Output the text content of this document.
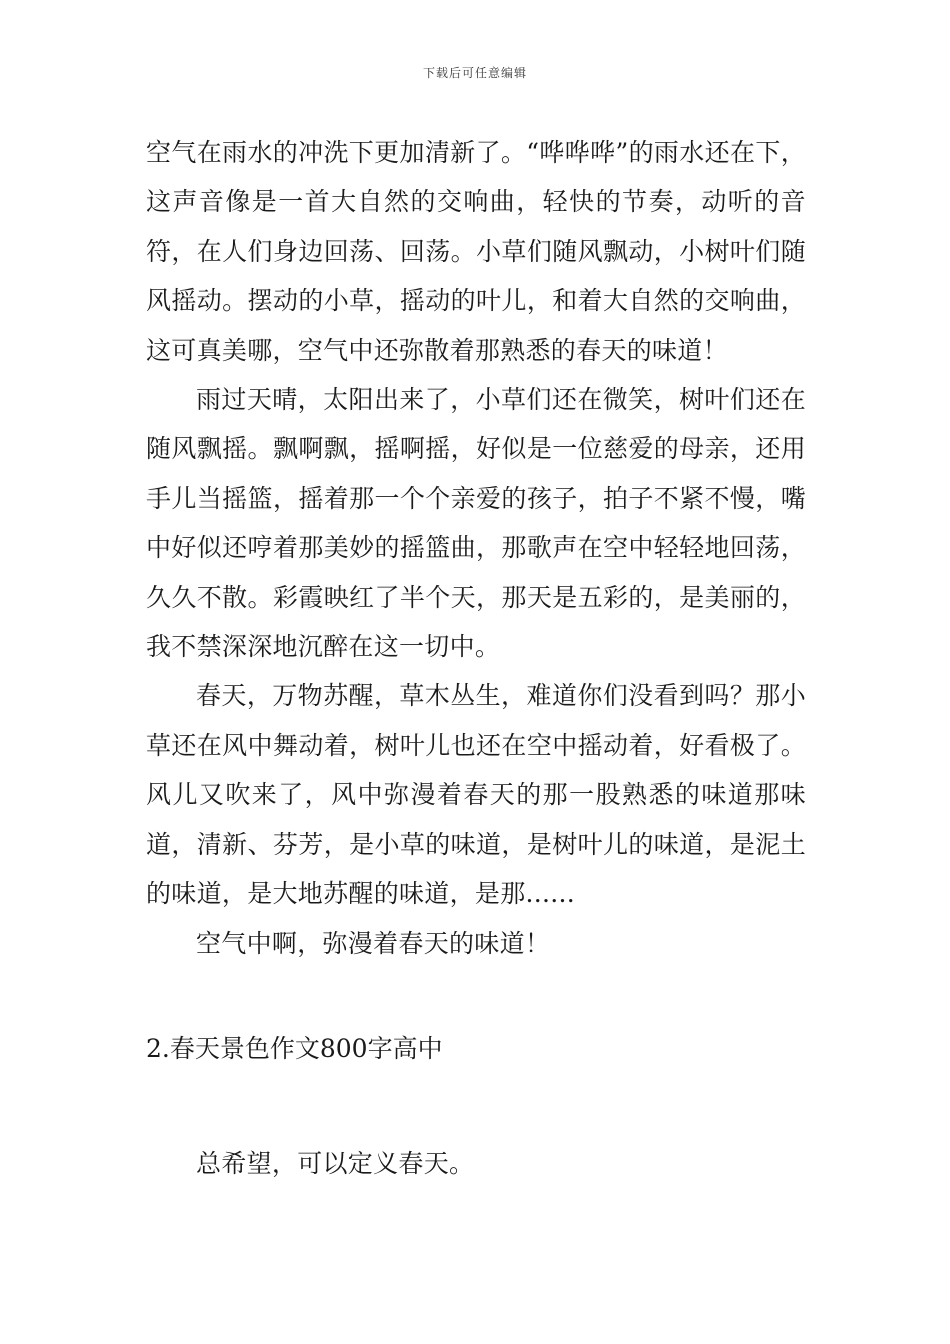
下载后可任意编辑

空气在雨水的冲洗下更加清新了。“哗哗哗”的雨水还在下，这声音像是一首大自然的交响曲，轻快的节奏，动听的音符，在人们身边回荡、回荡。小草们随风飘动，小树叶们随风摇动。摆动的小草，摇动的叶儿，和着大自然的交响曲，这可真美哪，空气中还弥散着那熟悉的春天的味道！

雨过天晴，太阳出来了，小草们还在微笑，树叶们还在随风飘摇。飘啊飘，摇啊摇，好似是一位慈爱的母亲，还用手儿当摇篮，摇着那一个个亲爱的孩子，拍子不紧不慢，嘴中好似还哼着那美妙的摇篮曲，那歌声在空中轻轻地回荡，久久不散。彩霞映红了半个天，那天是五彩的，是美丽的，我不禁深深地沉醉在这一切中。

春天，万物苏醒，草木丛生，难道你们没看到吗？那小草还在风中舞动着，树叶儿也还在空中摇动着，好看极了。风儿又吹来了，风中弥漫着春天的那一股熟悉的味道那味道，清新、芬芳，是小草的味道，是树叶儿的味道，是泥土的味道，是大地苏醒的味道，是那......

空气中啊，弥漫着春天的味道！

2.春天景色作文800字高中

总希望，可以定义春天。
